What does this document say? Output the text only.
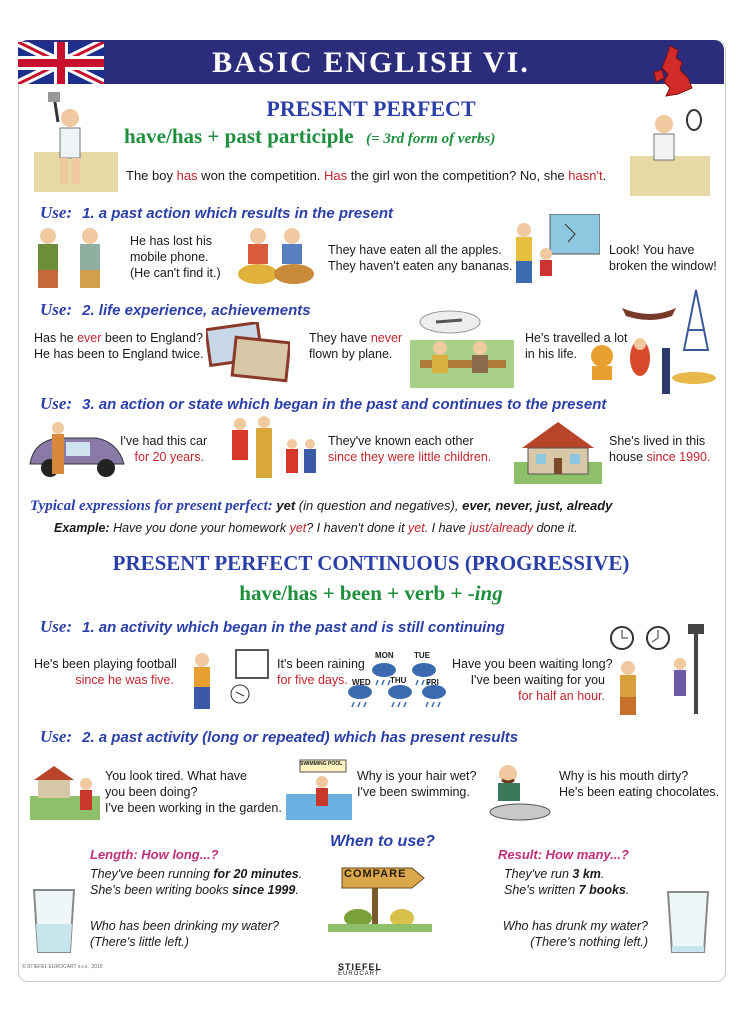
BASIC ENGLISH VI.
PRESENT PERFECT
have/has + past participle (= 3rd form of verbs)
The boy has won the competition. Has the girl won the competition? No, she hasn't.
Use: 1. a past action which results in the present
He has lost his
mobile phone.
(He can't find it.)
They have eaten all the apples.
They haven't eaten any bananas.
Look! You have
broken the window!
Use: 2. life experience, achievements
Has he ever been to England?
He has been to England twice.
They have never
flown by plane.
He's travelled a lot
in his life.
Use: 3. an action or state which began in the past and continues to the present
I've had this car
for 20 years.
They've known each other
since they were little children.
She's lived in this
house since 1990.
Typical expressions for present perfect: yet (in question and negatives), ever, never, just, already
Example: Have you done your homework yet? I haven't done it yet. I have just/already done it.
PRESENT PERFECT CONTINUOUS (PROGRESSIVE)
have/has + been + verb + -ing
Use: 1. an activity which began in the past and is still continuing
He's been playing football
since he was five.
It's been raining
for five days.
MON	TUE
WED THU FRI
Have you been waiting long?
I've been waiting for you
for half an hour.
Use: 2. a past activity (long or repeated) which has present results
You look tired. What have
you been doing?
I've been working in the garden.
SWIMMING POOL
Why is your hair wet?
I've been swimming.
Why is his mouth dirty?
He's been eating chocolates.
When to use?
COMPARE
Length: How long...?
They've been running for 20 minutes.
She's been writing books since 1999.
Who has been drinking my water?
(There's little left.)
Result: How many...?
They've run 3 km.
She's written 7 books.
Who has drunk my water?
(There's nothing left.)
© STIEFEL EUROCART s.r.o., 2010	STIEFEL
EUROCART
